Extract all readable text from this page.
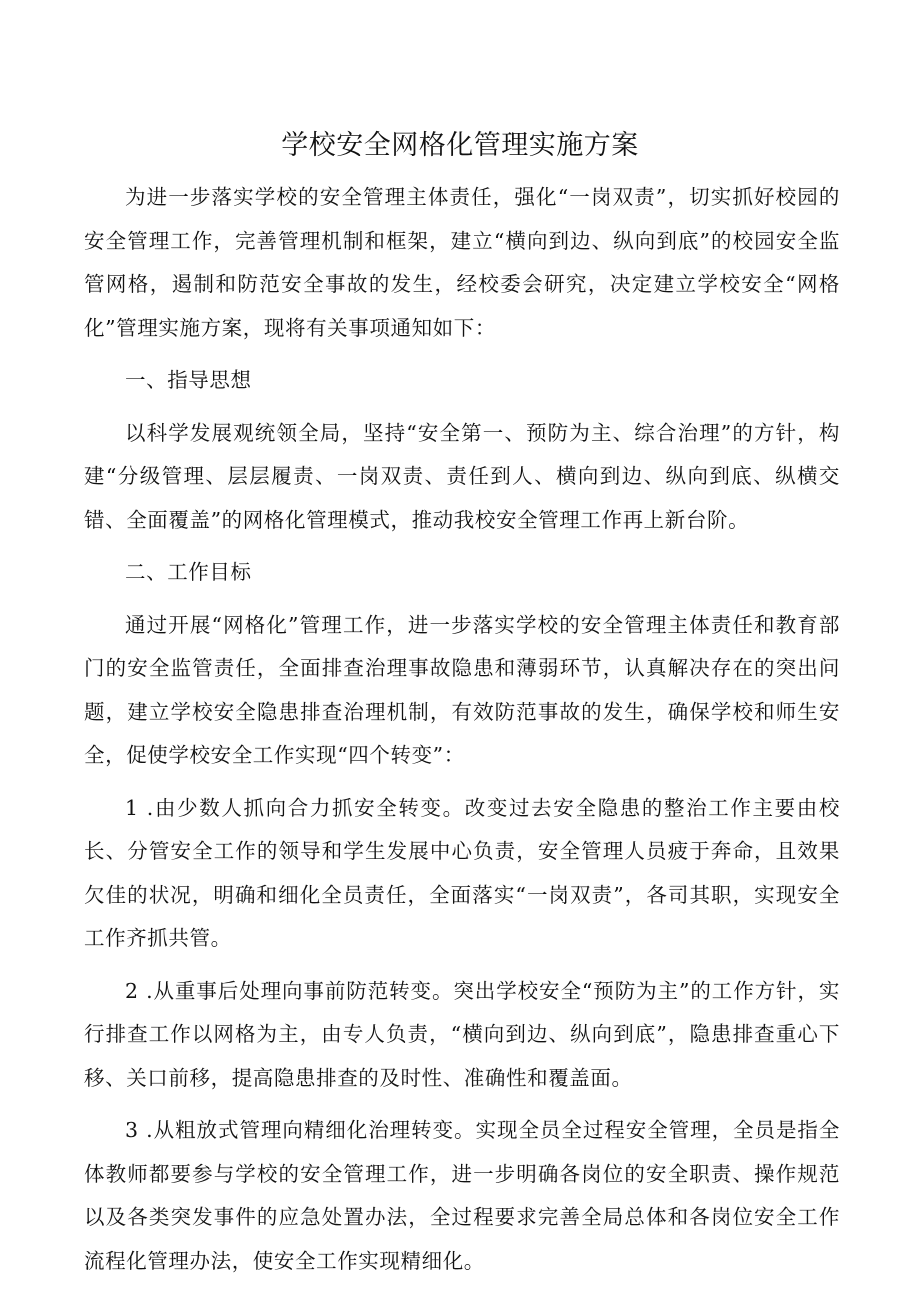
学校安全网格化管理实施方案

为进一步落实学校的安全管理主体责任，强化“一岗双责”，切实抓好校园的安全管理工作，完善管理机制和框架，建立“横向到边、纵向到底”的校园安全监管网格，遏制和防范安全事故的发生，经校委会研究，决定建立学校安全“网格化”管理实施方案，现将有关事项通知如下：

一、指导思想

以科学发展观统领全局，坚持“安全第一、预防为主、综合治理”的方针，构建“分级管理、层层履责、一岗双责、责任到人、横向到边、纵向到底、纵横交错、全面覆盖”的网格化管理模式，推动我校安全管理工作再上新台阶。

二、工作目标

通过开展“网格化”管理工作，进一步落实学校的安全管理主体责任和教育部门的安全监管责任，全面排查治理事故隐患和薄弱环节，认真解决存在的突出问题，建立学校安全隐患排查治理机制，有效防范事故的发生，确保学校和师生安全，促使学校安全工作实现“四个转变”：

1 .由少数人抓向合力抓安全转变。改变过去安全隐患的整治工作主要由校长、分管安全工作的领导和学生发展中心负责，安全管理人员疲于奔命，且效果欠佳的状况，明确和细化全员责任，全面落实“一岗双责”，各司其职，实现安全工作齐抓共管。

2 .从重事后处理向事前防范转变。突出学校安全“预防为主”的工作方针，实行排查工作以网格为主，由专人负责，“横向到边、纵向到底”，隐患排查重心下移、关口前移，提高隐患排查的及时性、准确性和覆盖面。

3 .从粗放式管理向精细化治理转变。实现全员全过程安全管理，全员是指全体教师都要参与学校的安全管理工作，进一步明确各岗位的安全职责、操作规范以及各类突发事件的应急处置办法，全过程要求完善全局总体和各岗位安全工作流程化管理办法，使安全工作实现精细化。
